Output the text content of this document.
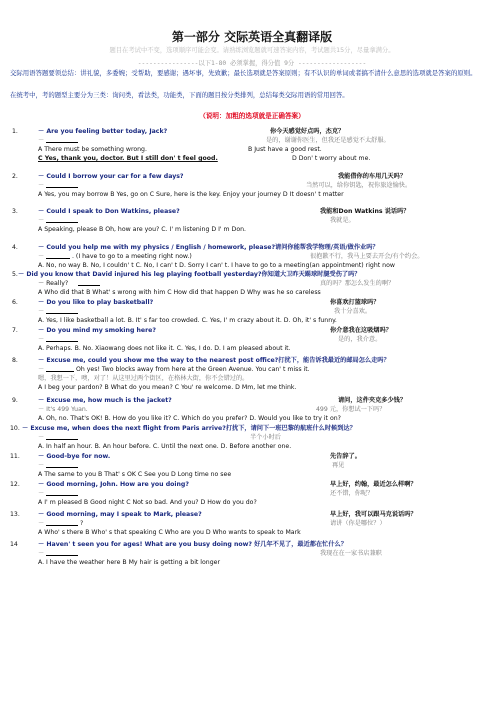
第一部分 交际英语全真翻译版
题目在考试中不变，选项顺序可能会变。请熟练浏览题就可速答案内容，考试题共15分，尽量拿满分。
----------------以下1-80 必须掌握，得分值 9分 ------------------
交际用语答题要领总结：讲礼貌，多委婉；受帮助，要感谢；遇坏事，先致歉；最长选项就是答案原则；有不认识的单词或者搞不清什么意思的选项就是答案的原则。
在统考中，考的题型主要分为三类：询问类，看法类，功能类，下面的题目按分类排列，总结每类交际用语的常用回答。
（说明：加粗的选项就是正确答案）
1.	－ Are you feeling better today, Jack?	你今天感觉好点吗，杰克？
－	是的，谢谢你医生，但我还是感觉不太舒服。
A There must be something wrong.	B Just have a good rest.
C Yes, thank you, doctor. But I still don' t feel good.	D Don' t worry about me.
2.	－ Could I borrow your car for a few days?	我能借你的车用几天吗？
－	当然可以，给你钥匙，祝你旅途愉快。
A Yes, you may borrow B Yes, go on C Sure, here is the key. Enjoy your journey D It doesn' t matter
3.	－ Could I speak to Don Watkins, please?	我能和Don Watkins 说话吗？
－	我就是。
A Speaking, please B Oh, how are you? C. I' m listening D I' m Don.
4.	－ Could you help me with my physics / English / homework, please?请问你能帮我学物理/英语/做作业吗？
－	. (I have to go to a meeting right now.)	很抱歉不行，我马上要去开会/有个约会。
A. No, no way B. No, I couldn' t C. No, I can' t D. Sorry I can' t. I have to go to a meeting(an appointment) right now
5. － Did you know that David injured his leg playing football yesterday?你知道大卫昨天踢球时腿受伤了吗？
－ Really?	真的吗？那怎么发生的啊？
A Who did that B What' s wrong with him C How did that happen D Why was he so careless
6.	－ Do you like to play basketball?	你喜欢打篮球吗？
－	我十分喜欢。
A. Yes, I like basketball a lot. B. It' s far too crowded. C. Yes, I' m crazy about it. D. Oh, it' s funny.
7.	－ Do you mind my smoking here?	你介意我在这吸烟吗？
－	是的，我介意。
A. Perhaps. B. No. Xiaowang does not like it. C. Yes, I do. D. I am pleased about it.
8.	－ Excuse me, could you show me the way to the nearest post office?打扰下，能告诉我最近的邮局怎么走吗？
－	Oh yes! Two blocks away from here at the Green Avenue. You can' t miss it.
嗯，我想一下，噢，对了！从这里过两个街区，在格林大街，你不会错过的。
A I beg your pardon? B What do you mean? C You' re welcome. D Mm, let me think.
9.	－ Excuse me, how much is the jacket?	请问，这件夹克多少钱？
－ It's 499 Yuan.	499 元，你想试一下吗？
A. Oh, no. That's OK! B. How do you like it? C. Which do you prefer? D. Would you like to try it on?
10. － Excuse me, when does the next flight from Paris arrive?打扰下，请问下一班巴黎的航班什么时候到达？
－	半个小时后
A. In half an hour. B. An hour before. C. Until the next one. D. Before another one.
11.	－ Good-bye for now.	先告辞了。
－	再见
A The same to you B That' s OK C See you D Long time no see
12.	－ Good morning, John. How are you doing?	早上好，约翰，最近怎么样啊？
－	还不错，你呢？
A I' m pleased B Good night C Not so bad. And you? D How do you do?
13.	－ Good morning, may I speak to Mark, please?	早上好，我可以跟马克说话吗？
－	?	请讲（你是哪位？）
A Who' s there B Who' s that speaking C Who are you D Who wants to speak to Mark
14	－ Haven' t seen you for ages! What are you busy doing now? 好几年不见了，最近都在忙什么？
－	我现在在一家书店兼职
A. I have the weather here B My hair is getting a bit longer
